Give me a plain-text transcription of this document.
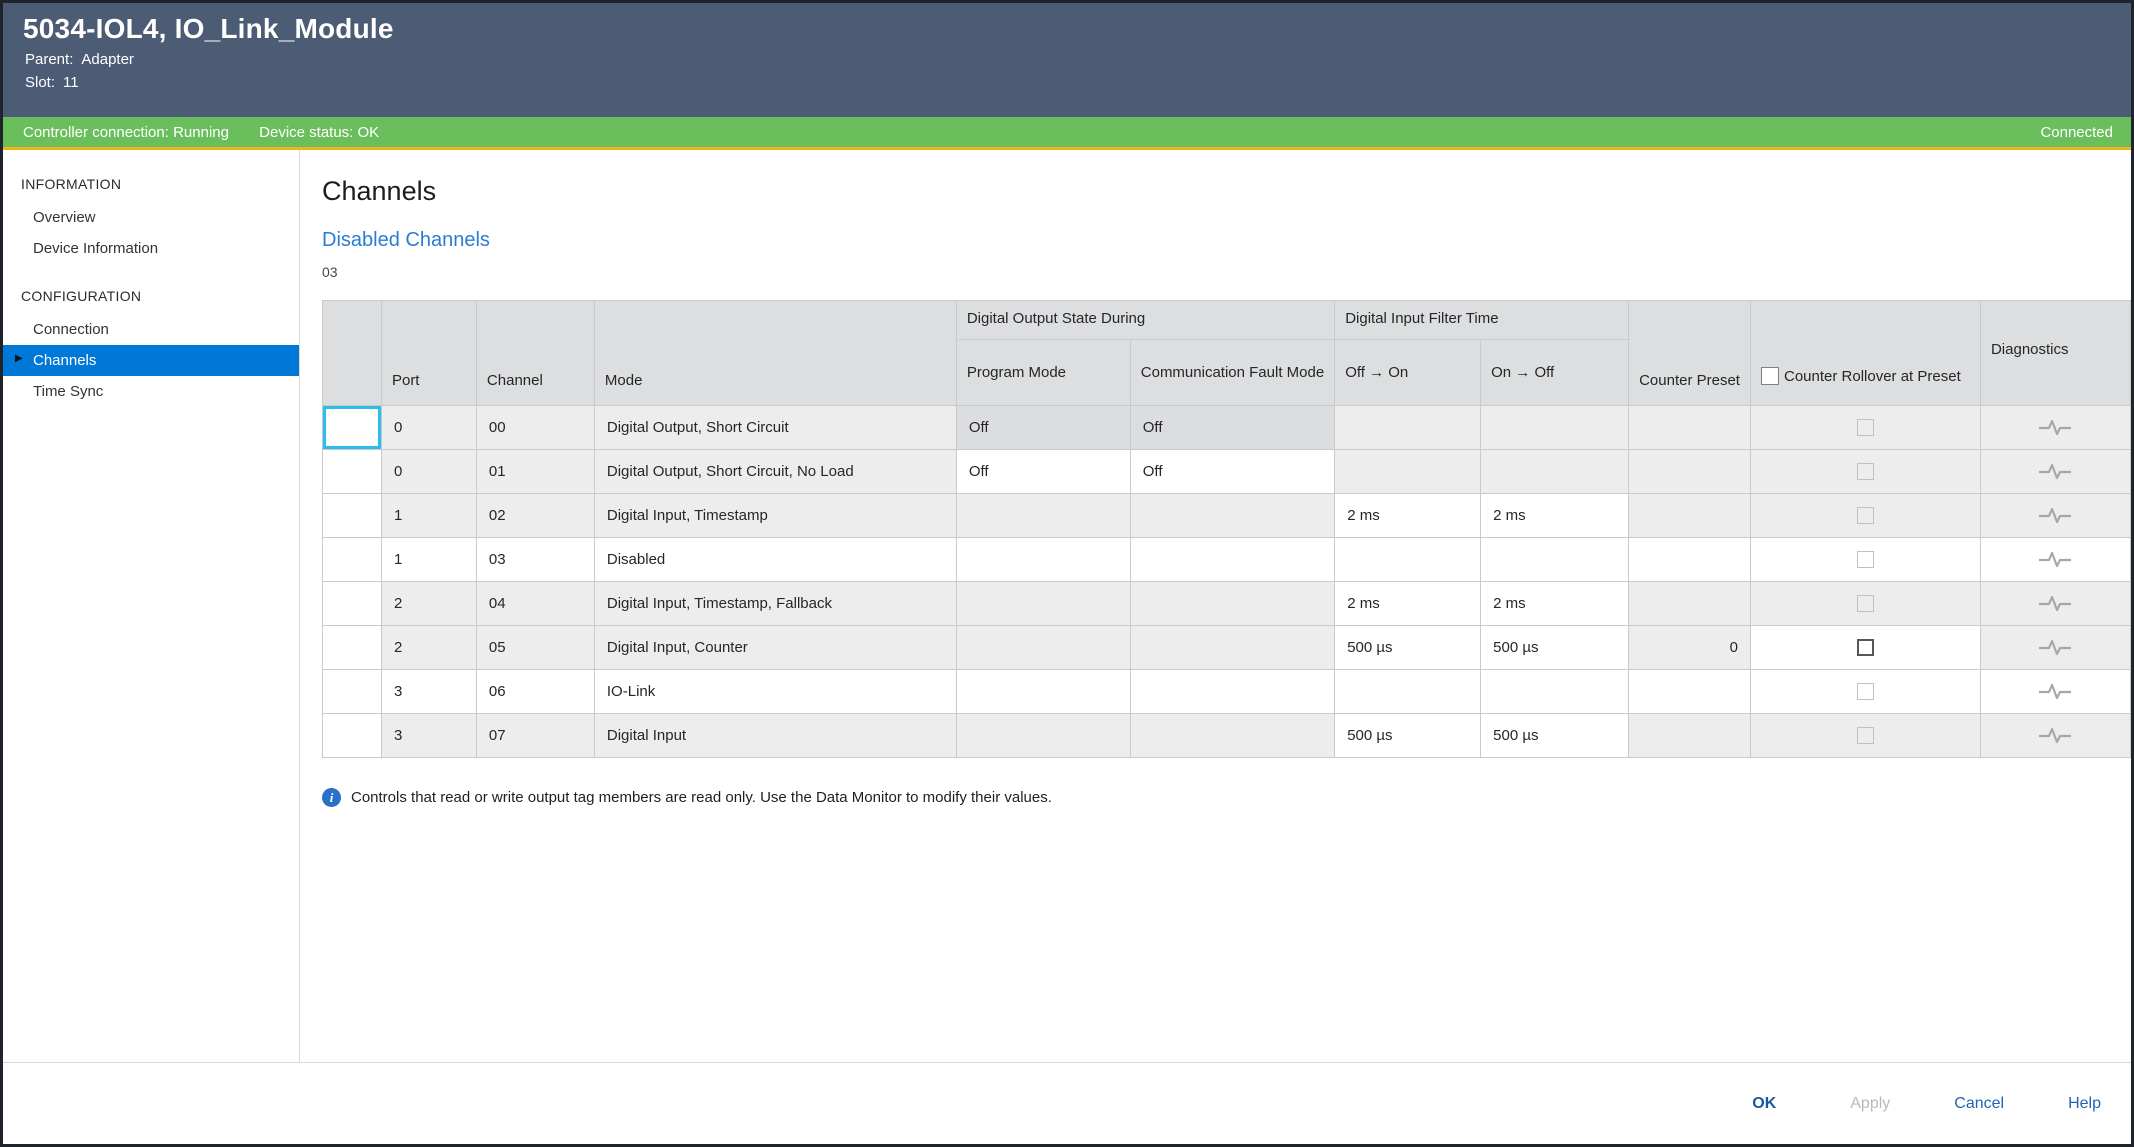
5034-IOL4, IO_Link_Module
Parent: Adapter
Slot: 11
Controller connection: Running Device status: OK	Connected
INFORMATION
Overview
Device Information
CONFIGURATION
Connection
▶ Channels
Time Sync
Channels
Disabled Channels
03
	Port	Channel	Mode	Digital Output State During		Digital Input Filter Time		Counter Preset	Counter Rollover at Preset	Diagnostics
				Program Mode	Communication Fault Mode	Off → On	On → Off			
	0	00	Digital Output, Short Circuit	Off	Off					
	0	01	Digital Output, Short Circuit, No Load	Off	Off					
	1	02	Digital Input, Timestamp			2 ms	2 ms			
	1	03	Disabled							
	2	04	Digital Input, Timestamp, Fallback			2 ms	2 ms			
	2	05	Digital Input, Counter			500 µs	500 µs	0		
	3	06	IO-Link							
	3	07	Digital Input			500 µs	500 µs			
i	Controls that read or write output tag members are read only. Use the Data Monitor to modify their values.
OK	Apply	Cancel	Help
